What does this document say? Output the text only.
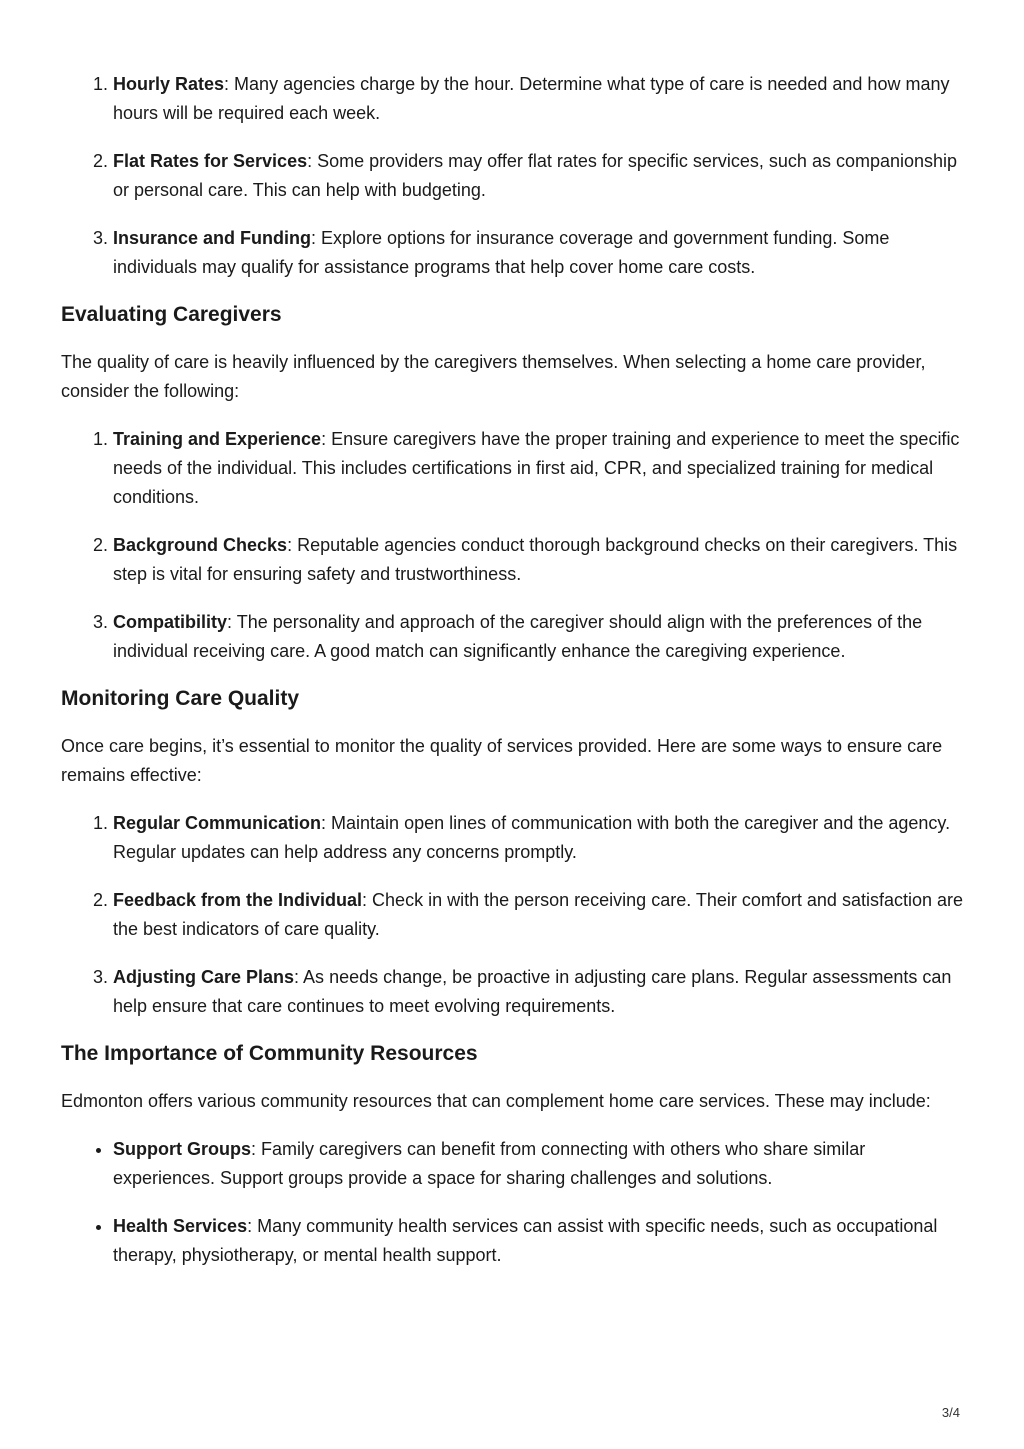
1. Hourly Rates: Many agencies charge by the hour. Determine what type of care is needed and how many hours will be required each week.
2. Flat Rates for Services: Some providers may offer flat rates for specific services, such as companionship or personal care. This can help with budgeting.
3. Insurance and Funding: Explore options for insurance coverage and government funding. Some individuals may qualify for assistance programs that help cover home care costs.
Evaluating Caregivers

The quality of care is heavily influenced by the caregivers themselves. When selecting a home care provider, consider the following:

1. Training and Experience: Ensure caregivers have the proper training and experience to meet the specific needs of the individual. This includes certifications in first aid, CPR, and specialized training for medical conditions.
2. Background Checks: Reputable agencies conduct thorough background checks on their caregivers. This step is vital for ensuring safety and trustworthiness.
3. Compatibility: The personality and approach of the caregiver should align with the preferences of the individual receiving care. A good match can significantly enhance the caregiving experience.
Monitoring Care Quality

Once care begins, it’s essential to monitor the quality of services provided. Here are some ways to ensure care remains effective:

1. Regular Communication: Maintain open lines of communication with both the caregiver and the agency. Regular updates can help address any concerns promptly.
2. Feedback from the Individual: Check in with the person receiving care. Their comfort and satisfaction are the best indicators of care quality.
3. Adjusting Care Plans: As needs change, be proactive in adjusting care plans. Regular assessments can help ensure that care continues to meet evolving requirements.
The Importance of Community Resources

Edmonton offers various community resources that can complement home care services. These may include:

• Support Groups: Family caregivers can benefit from connecting with others who share similar experiences. Support groups provide a space for sharing challenges and solutions.
• Health Services: Many community health services can assist with specific needs, such as occupational therapy, physiotherapy, or mental health support.
3/4
